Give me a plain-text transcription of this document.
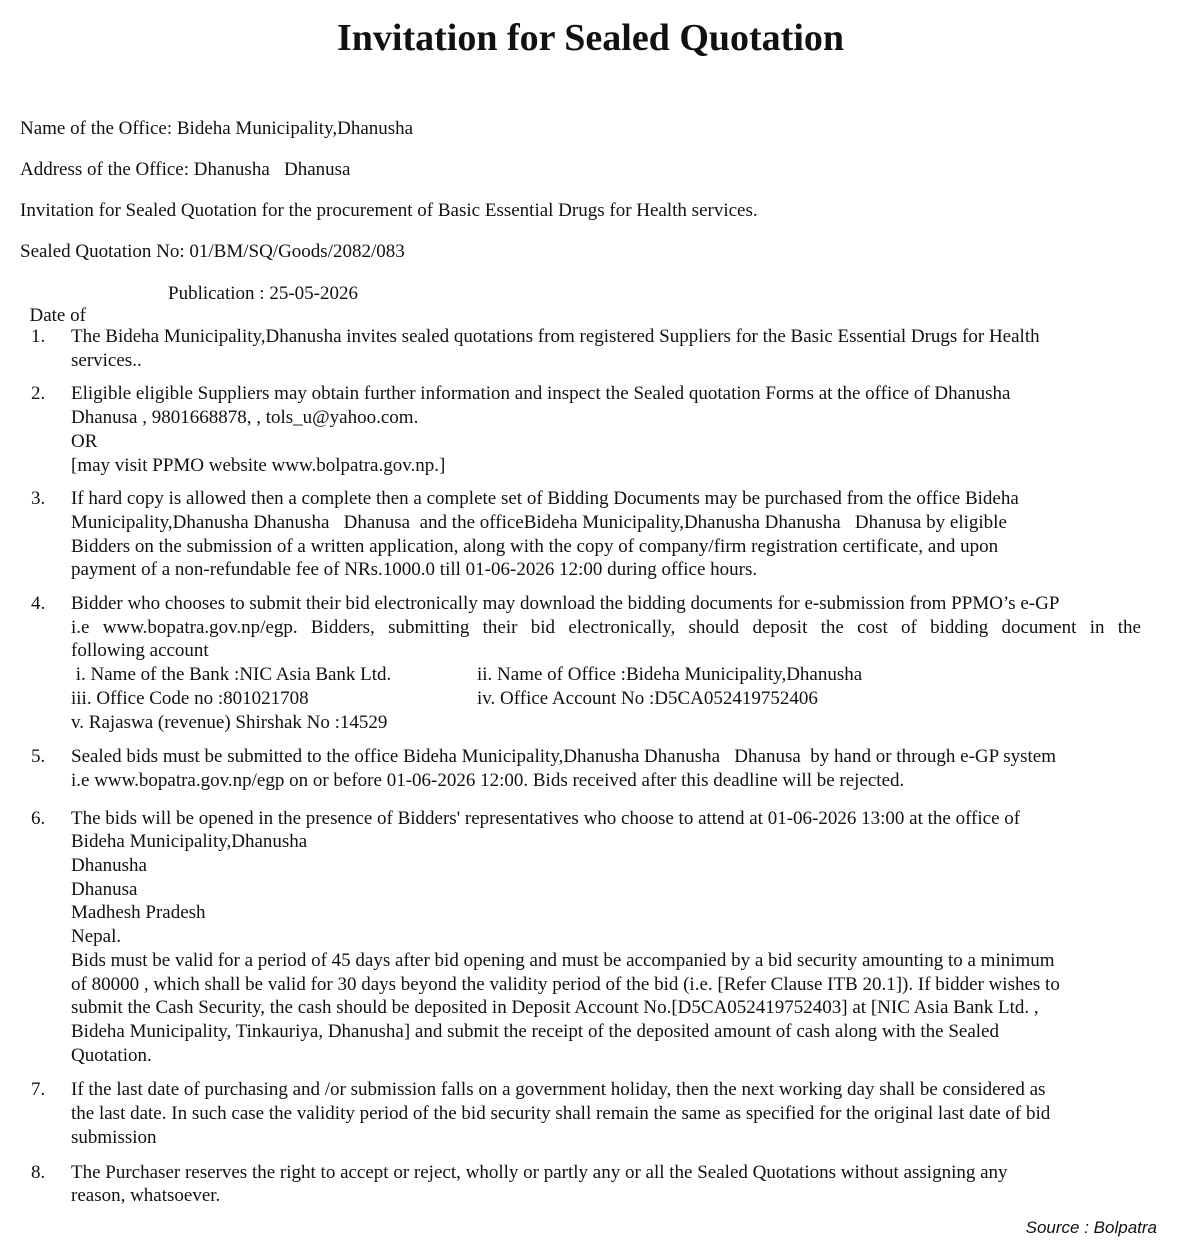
Invitation for Sealed Quotation
Name of the Office: Bideha Municipality,Dhanusha
Address of the Office: Dhanusha   Dhanusa
Invitation for Sealed Quotation for the procurement of Basic Essential Drugs for Health services.
Sealed Quotation No: 01/BM/SQ/Goods/2082/083

Date of

Publication : 25-05-2026

1. The Bideha Municipality,Dhanusha invites sealed quotations from registered Suppliers for the Basic Essential Drugs for Health
services..
2. Eligible eligible Suppliers may obtain further information and inspect the Sealed quotation Forms at the office of Dhanusha
Dhanusa , 9801668878, , tols_u@yahoo.com.
OR
[may visit PPMO website www.bolpatra.gov.np.]
3. If hard copy is allowed then a complete then a complete set of Bidding Documents may be purchased from the office Bideha
Municipality,Dhanusha Dhanusha   Dhanusa  and the officeBideha Municipality,Dhanusha Dhanusha   Dhanusa by eligible
Bidders on the submission of a written application, along with the copy of company/firm registration certificate, and upon
payment of a non-refundable fee of NRs.1000.0 till 01-06-2026 12:00 during office hours.
4. Bidder who chooses to submit their bid electronically may download the bidding documents for e-submission from PPMO’s e-GP
i.e www.bopatra.gov.np/egp. Bidders, submitting their bid electronically, should deposit the cost of bidding document in the
following account
i. Name of the Bank :NIC Asia Bank Ltd.	ii. Name of Office :Bideha Municipality,Dhanusha
iii. Office Code no :801021708	iv. Office Account No :D5CA052419752406
v. Rajaswa (revenue) Shirshak No :14529
5. Sealed bids must be submitted to the office Bideha Municipality,Dhanusha Dhanusha   Dhanusa  by hand or through e-GP system
i.e www.bopatra.gov.np/egp on or before 01-06-2026 12:00. Bids received after this deadline will be rejected.
6. The bids will be opened in the presence of Bidders' representatives who choose to attend at 01-06-2026 13:00 at the office of
Bideha Municipality,Dhanusha
Dhanusha
Dhanusa
Madhesh Pradesh
Nepal.
Bids must be valid for a period of 45 days after bid opening and must be accompanied by a bid security amounting to a minimum
of 80000 , which shall be valid for 30 days beyond the validity period of the bid (i.e. [Refer Clause ITB 20.1]). If bidder wishes to
submit the Cash Security, the cash should be deposited in Deposit Account No.[D5CA052419752403] at [NIC Asia Bank Ltd. ,
Bideha Municipality, Tinkauriya, Dhanusha] and submit the receipt of the deposited amount of cash along with the Sealed
Quotation.
7. If the last date of purchasing and /or submission falls on a government holiday, then the next working day shall be considered as
the last date. In such case the validity period of the bid security shall remain the same as specified for the original last date of bid
submission
8. The Purchaser reserves the right to accept or reject, wholly or partly any or all the Sealed Quotations without assigning any
reason, whatsoever.
Source : Bolpatra
